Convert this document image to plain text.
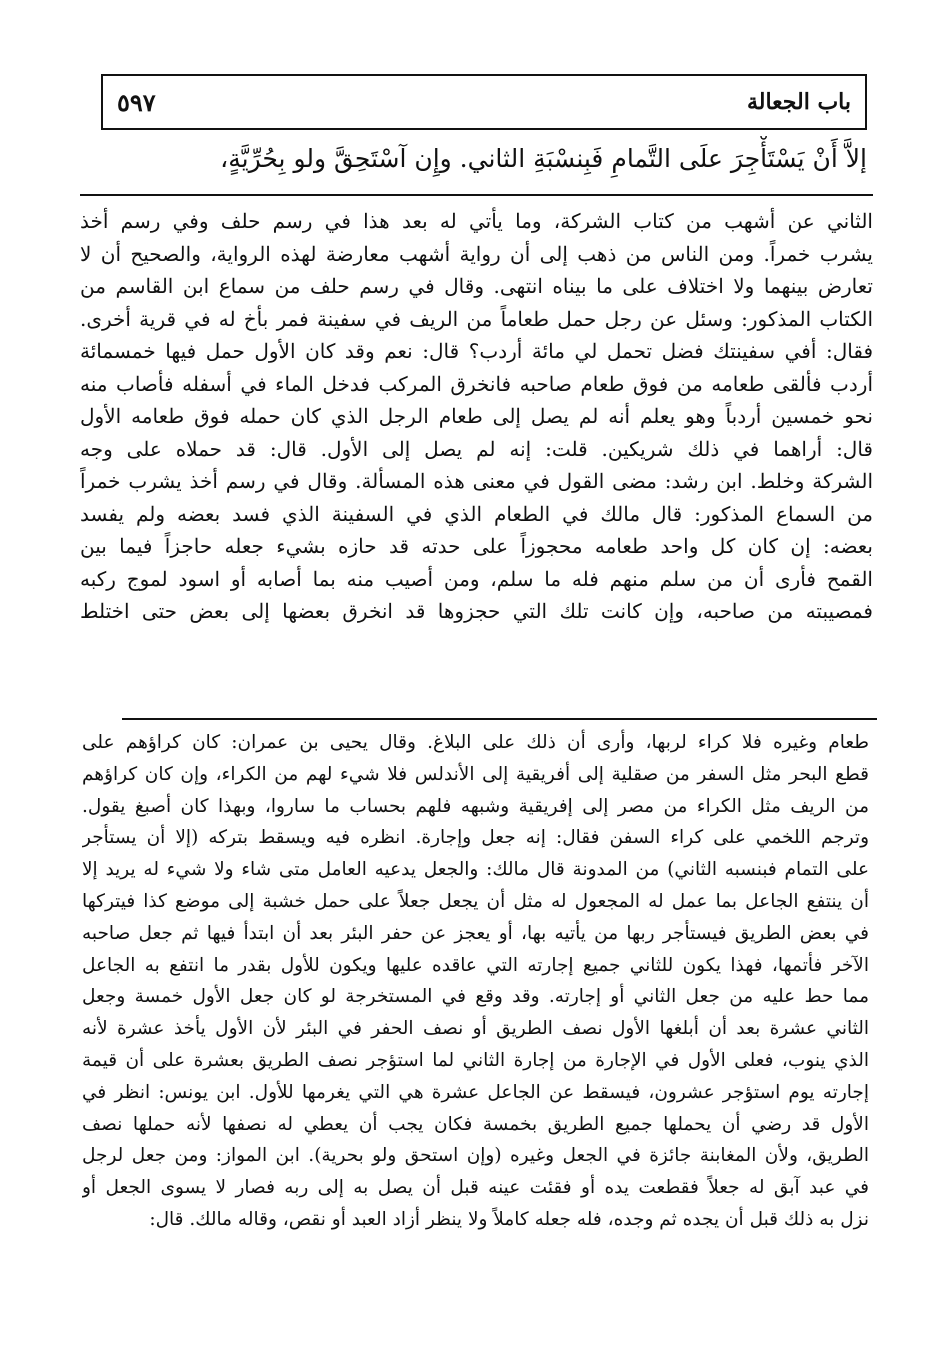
باب الجعالة
٥٩٧
إلاَّ أَنْ يَسْتَأْجِرَ علَى التَّمامِ فَبِنسْبَةِ الثاني. وإِن آسْتَحِقَّ ولو بِحُرِّيَّةٍ،
الثاني عن أشهب من كتاب الشركة، وما يأتي له بعد هذا في رسم حلف وفي رسم أخذ
يشرب خمراً. ومن الناس من ذهب إلى أن رواية أشهب معارضة لهذه الرواية، والصحيح أن لا
تعارض بينهما ولا اختلاف على ما بيناه انتهى. وقال في رسم حلف من سماع ابن القاسم من
الكتاب المذكور: وسئل عن رجل حمل طعاماً من الريف في سفينة فمر بأخ له في قرية أخرى.
فقال: أفي سفينتك فضل تحمل لي مائة أردب؟ قال: نعم وقد كان الأول حمل فيها خمسمائة
أردب فألقى طعامه من فوق طعام صاحبه فانخرق المركب فدخل الماء في أسفله فأصاب منه
نحو خمسين أردباً وهو يعلم أنه لم يصل إلى طعام الرجل الذي كان حمله فوق طعامه الأول
قال: أراهما في ذلك شريكين. قلت: إنه لم يصل إلى الأول. قال: قد حملاه على وجه
الشركة وخلط. ابن رشد: مضى القول في معنى هذه المسألة. وقال في رسم أخذ يشرب خمراً
من السماع المذكور: قال مالك في الطعام الذي في السفينة الذي فسد بعضه ولم يفسد
بعضه: إن كان كل واحد طعامه محجوزاً على حدته قد حازه بشيء جعله حاجزاً فيما بين
القمح فأرى أن من سلم منهم فله ما سلم، ومن أصيب منه بما أصابه أو اسود لموج ركبه
فمصيبته من صاحبه، وإن كانت تلك التي حجزوها قد انخرق بعضها إلى بعض حتى اختلط
طعام وغيره فلا كراء لربها، وأرى أن ذلك على البلاغ. وقال يحيى بن عمران: كان كراؤهم على
قطع البحر مثل السفر من صقلية إلى أفريقية إلى الأندلس فلا شيء لهم من الكراء، وإن كان كراؤهم
من الريف مثل الكراء من مصر إلى إفريقية وشبهه فلهم بحساب ما ساروا، وبهذا كان أصبغ يقول.
وترجم اللخمي على كراء السفن فقال: إنه جعل وإجارة. انظره فيه ويسقط بتركه (إلا أن يستأجر
على التمام فبنسبه الثاني) من المدونة قال مالك: والجعل يدعيه العامل متى شاء ولا شيء له يريد إلا
أن ينتفع الجاعل بما عمل له المجعول له مثل أن يجعل جعلاً على حمل خشبة إلى موضع كذا فيتركها
في بعض الطريق فيستأجر ربها من يأتيه بها، أو يعجز عن حفر البئر بعد أن ابتدأ فيها ثم جعل صاحبه
الآخر فأتمها، فهذا يكون للثاني جميع إجارته التي عاقده عليها ويكون للأول بقدر ما انتفع به الجاعل
مما حط عليه من جعل الثاني أو إجارته. وقد وقع في المستخرجة لو كان جعل الأول خمسة وجعل
الثاني عشرة بعد أن أبلغها الأول نصف الطريق أو نصف الحفر في البئر لأن الأول يأخذ عشرة لأنه
الذي ينوب، فعلى الأول في الإجارة من إجارة الثاني لما استؤجر نصف الطريق بعشرة على أن قيمة
إجارته يوم استؤجر عشرون، فيسقط عن الجاعل عشرة هي التي يغرمها للأول. ابن يونس: انظر في
الأول قد رضي أن يحملها جميع الطريق بخمسة فكان يجب أن يعطي له نصفها لأنه حملها نصف
الطريق، ولأن المغابنة جائزة في الجعل وغيره (وإن استحق ولو بحرية). ابن المواز: ومن جعل لرجل
في عبد آبق له جعلاً فقطعت يده أو فقئت عينه قبل أن يصل به إلى ربه فصار لا يسوى الجعل أو
نزل به ذلك قبل أن يجده ثم وجده، فله جعله كاملاً ولا ينظر أزاد العبد أو نقص، وقاله مالك. قال:
